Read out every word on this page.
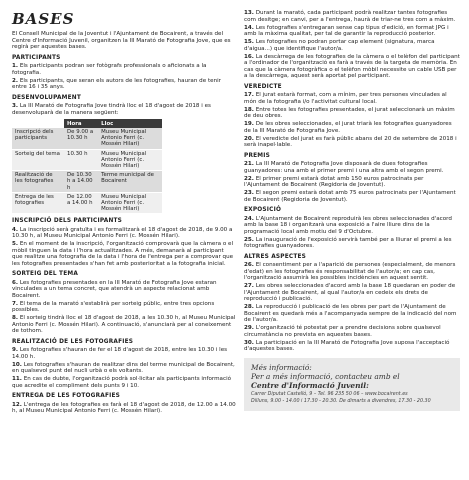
BASES

El Consell Municipal de la Joventut i l'Ajuntament de Bocairent, a través del Centre d'Informació Juvenil, organitzen la III Marató de Fotografia Jove, que es regirà per aquestes bases.

PARTICIPANTS

1. Els participants podran ser fotògrafs professionals o aficionats a la fotografia.

2. Els participants, que seran els autors de les fotografies, hauran de tenir entre 16 i 35 anys.

DESENVOLUPAMENT

3. La III Marató de Fotografia Jove tindrà lloc el 18 d'agost de 2018 i es desenvoluparà de la manera següent:

	Hora	Lloc
Inscripció dels participants	De 9.00 a 10.30 h	Museu Municipal Antonio Ferri (c. Mossén Hilari)
Sorteig del tema	10.30 h	Museu Municipal Antonio Ferri (c. Mossén Hilari)
Realització de les fotografies	De 10.30 h a 14.00 h	Terme municipal de Bocairent
Entrega de les fotografies	De 12.00 a 14.00 h	Museu Municipal Antonio Ferri (c. Mossén Hilari)
INSCRIPCIÓ DELS PARTICIPANTS

4. La inscripció serà gratuïta i es formalitzarà el 18 d'agost de 2018, de 9.00 a 10.30 h, al Museu Municipal Antonio Ferri (c. Mossén Hilari).

5. En el moment de la inscripció, l'organització comprovarà que la càmera o el mòbil tinguen la data i l'hora actualitzades. A més, demanarà al participant que realitze una fotografia de la data i l'hora de l'entrega per a comprovar que les fotografies presentades s'han fet amb posterioritat a la fotografia inicial.

SORTEIG DEL TEMA

6. Les fotografies presentades en la III Marató de Fotografia Jove estaran vinculades a un tema concret, que atendrà un aspecte relacionat amb Bocairent.

7. El tema de la marató s'establirà per sorteig públic, entre tres opcions possibles.

8. El sorteig tindrà lloc el 18 d'agost de 2018, a les 10.30 h, al Museu Municipal Antonio Ferri (c. Mossén Hilari). A continuació, s'anunciarà per al coneixement de tothom.

REALITZACIÓ DE LES FOTOGRAFIES

9. Les fotografies s'hauran de fer el 18 d'agost de 2018, entre les 10.30 i les 14.00 h.

10. Les fotografies s'hauran de realitzar dins del terme municipal de Bocairent, en qualsevol punt del nucli urbà o els voltants.

11. En cas de dubte, l'organització podrà sol·licitar als participants informació que acredite el compliment dels punts 9 i 10.

ENTREGA DE LES FOTOGRAFIES

12. L'entrega de les fotografies es farà el 18 d'agost de 2018, de 12.00 a 14.00 h, al Museu Municipal Antonio Ferri (c. Mossén Hilari).

13. Durant la marató, cada participant podrà realitzar tantes fotografies com desitge; en canvi, per a l'entrega, haurà de triar-ne tres com a màxim.

14. Les fotografies s'entregaran sense cap tipus d'edició, en format JPG i amb la màxima qualitat, per tal de garantir la reproducció posterior.

15. Les fotografies no podran portar cap element (signatura, marca d'aigua...) que identifique l'autor/a.

16. La descàrrega de les fotografies de la càmera o el telèfon del participant a l'ordinador de l'organització es farà a través de la targeta de memòria. En cas que la càmera fotogràfica o el telèfon mòbil necessite un cable USB per a la descàrrega, aquest serà aportat pel participant.

VEREDICTE

17. El jurat estarà format, com a mínim, per tres persones vinculades al món de la fotografia i/o l'activitat cultural local.

18. Entre totes les fotografies presentades, el jurat seleccionarà un màxim de deu obres.

19. De les obres seleccionades, el jurat triarà les fotografies guanyadores de la III Marató de Fotografia Jove.

20. El veredicte del jurat es farà públic abans del 20 de setembre de 2018 i serà inapel·lable.

PREMIS

21. La III Marató de Fotografia Jove disposarà de dues fotografies guanyadores: una amb el primer premi i una altra amb el segon premi.

22. El primer premi estarà dotat amb 150 euros patrocinats per l'Ajuntament de Bocairent (Regidoria de Joventut).

23. El segon premi estarà dotat amb 75 euros patrocinats per l'Ajuntament de Bocairent (Regidoria de Joventut).

EXPOSICIÓ

24. L'Ajuntament de Bocairent reproduirà les obres seleccionades d'acord amb la base 18 i organitzarà una exposició a l'aire lliure dins de la programació local amb motiu del 9 d'Octubre.

25. La inauguració de l'exposició servirà també per a lliurar el premi a les fotografies guanyadores.

ALTRES ASPECTES

26. El consentiment per a l'aparició de persones (especialment, de menors d'edat) en les fotografies és responsabilitat de l'autor/a; en cap cas, l'organització assumirà les possibles incidències en aquest sentit.

27. Les obres seleccionades d'acord amb la base 18 quedaran en poder de l'Ajuntament de Bocairent, al qual l'autor/a en cedeix els drets de reproducció i publicació.

28. La reproducció i publicació de les obres per part de l'Ajuntament de Bocairent es quedarà més a l'acompanyada sempre de la indicació del nom de l'autor/a.

29. L'organització té potestat per a prendre decisions sobre qualsevol circumstància no prevista en aquestes bases.

30. La participació en la III Marató de Fotografia Jove suposa l'acceptació d'aquestes bases.

Més informació:

Per a més informació, contacteu amb el

Centre d'Informació Juvenil:

Carrer Diputat Castelló, 9 – Tel. 96 235 50 06 – www.bocairent.es

Dilluns, 9.00 - 14.00 i 17.30 - 20.30. De dimarts a divendres, 17.30 - 20.30
